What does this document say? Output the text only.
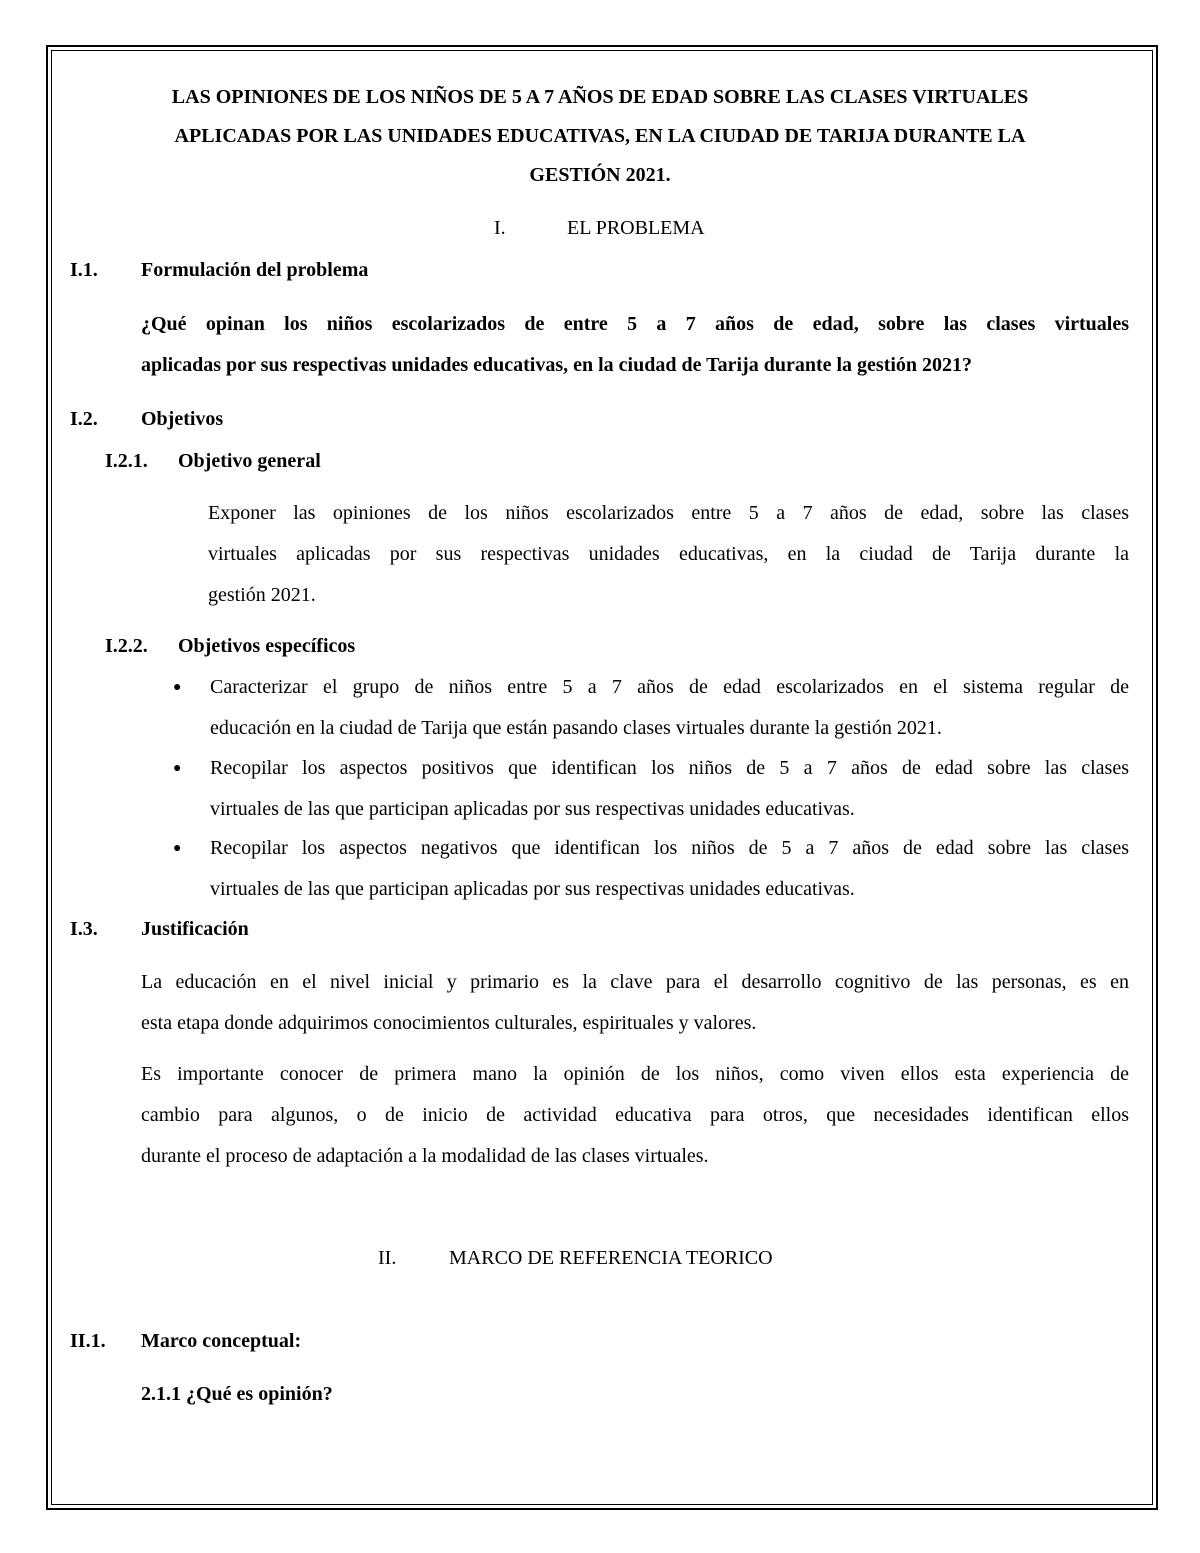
LAS OPINIONES DE LOS NIÑOS DE 5 A 7 AÑOS DE EDAD SOBRE LAS CLASES VIRTUALES
APLICADAS POR LAS UNIDADES EDUCATIVAS, EN LA CIUDAD DE TARIJA DURANTE LA
GESTIÓN 2021.
I.	EL PROBLEMA
I.1. Formulación del problema
¿Qué opinan los niños escolarizados de entre 5 a 7 años de edad, sobre las clases virtuales
aplicadas por sus respectivas unidades educativas, en la ciudad de Tarija durante la gestión 2021?
I.2. Objetivos
I.2.1. Objetivo general
Exponer las opiniones de los niños escolarizados entre 5 a 7 años de edad, sobre las clases
virtuales aplicadas por sus respectivas unidades educativas, en la ciudad de Tarija durante la
gestión 2021.
I.2.2. Objetivos específicos
● Caracterizar el grupo de niños entre 5 a 7 años de edad escolarizados en el sistema regular de
educación en la ciudad de Tarija que están pasando clases virtuales durante la gestión 2021.
● Recopilar los aspectos positivos que identifican los niños de 5 a 7 años de edad sobre las clases
virtuales de las que participan aplicadas por sus respectivas unidades educativas.
● Recopilar los aspectos negativos que identifican los niños de 5 a 7 años de edad sobre las clases
virtuales de las que participan aplicadas por sus respectivas unidades educativas.
I.3. Justificación
La educación en el nivel inicial y primario es la clave para el desarrollo cognitivo de las personas, es en
esta etapa donde adquirimos conocimientos culturales, espirituales y valores.
Es importante conocer de primera mano la opinión de los niños, como viven ellos esta experiencia de
cambio para algunos, o de inicio de actividad educativa para otros, que necesidades identifican ellos
durante el proceso de adaptación a la modalidad de las clases virtuales.
II.	MARCO DE REFERENCIA TEORICO
II.1. Marco conceptual:
2.1.1 ¿Qué es opinión?
